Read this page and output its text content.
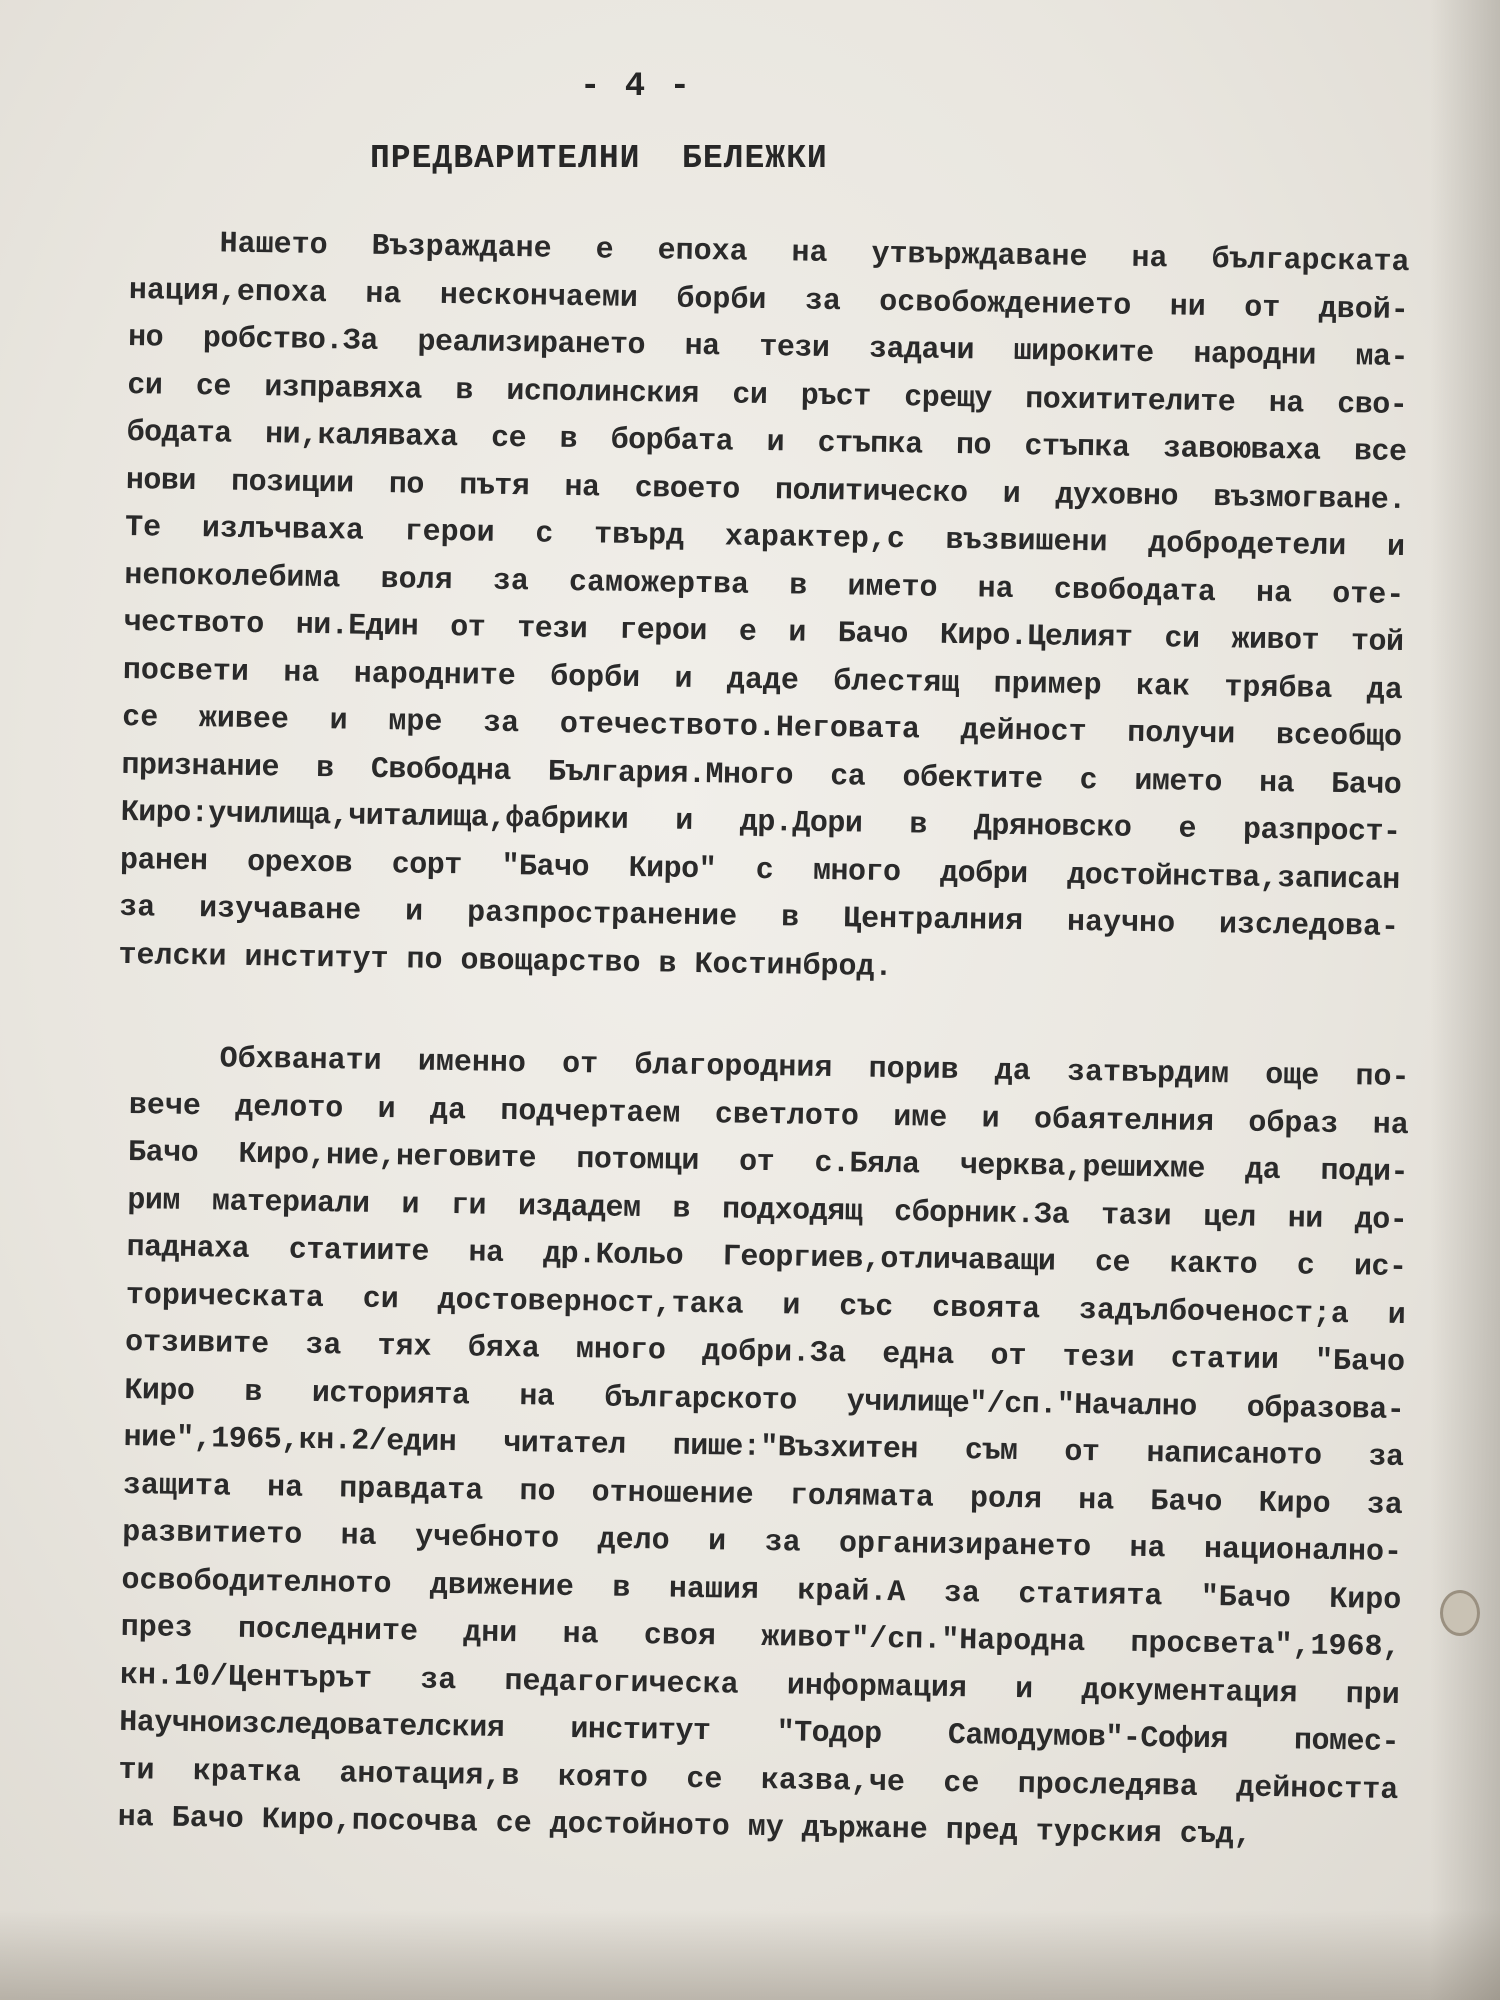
- 4 -
ПРЕДВАРИТЕЛНИ  БЕЛЕЖКИ
Нашето Възраждане е епоха на утвърждаване на българската
нация,епоха на нескончаеми борби за освобождението ни от двой-
но робство.За реализирането на тези задачи широките народни ма-
си се изправяха в исполинския си ръст срещу похитителите на сво-
бодата ни,каляваха се в борбата и стъпка по стъпка завоюваха все
нови позиции по пътя на своето политическо и духовно възмогване.
Те излъчваха герои с твърд характер,с възвишени добродетели и
непоколебима воля за саможертва в името на свободата на оте-
чеството ни.Един от тези герои е и Бачо Киро.Целият си живот той
посвети на народните борби и даде блестящ пример как трябва да
се живее и мре за отечеството.Неговата дейност получи всеобщо
признание в Свободна България.Много са обектите с името на Бачо
Киро:училища,читалища,фабрики и др.Дори в Дряновско е разпрост-
ранен орехов сорт "Бачо Киро" с много добри достойнства,записан
за изучаване и разпространение в Централния научно изследова-
телски институт по овощарство в Костинброд.
Обхванати именно от благородния порив да затвърдим още по-
вече делото и да подчертаем светлото име и обаятелния образ на
Бачо Киро,ние,неговите потомци от с.Бяла черква,решихме да поди-
рим материали и ги издадем в подходящ сборник.За тази цел ни до-
паднаха статиите на др.Кольо Георгиев,отличаващи се както с ис-
торическата си достоверност,така и със своята задълбоченост;а и
отзивите за тях бяха много добри.За една от тези статии "Бачо
Киро в историята на българското училище"/сп."Начално образова-
ние",1965,кн.2/един читател пише:"Възхитен съм от написаното за
защита на правдата по отношение голямата роля на Бачо Киро за
развитието на учебното дело и за организирането на национално-
освободителното движение в нашия край.А за статията "Бачо Киро
през последните дни на своя живот"/сп."Народна просвета",1968,
кн.10/Центърът за педагогическа информация и документация при
Научноизследователския институт "Тодор Самодумов"-София помес-
ти кратка анотация,в която се казва,че се проследява дейността
на Бачо Киро,посочва се достойното му държане пред турския съд,
